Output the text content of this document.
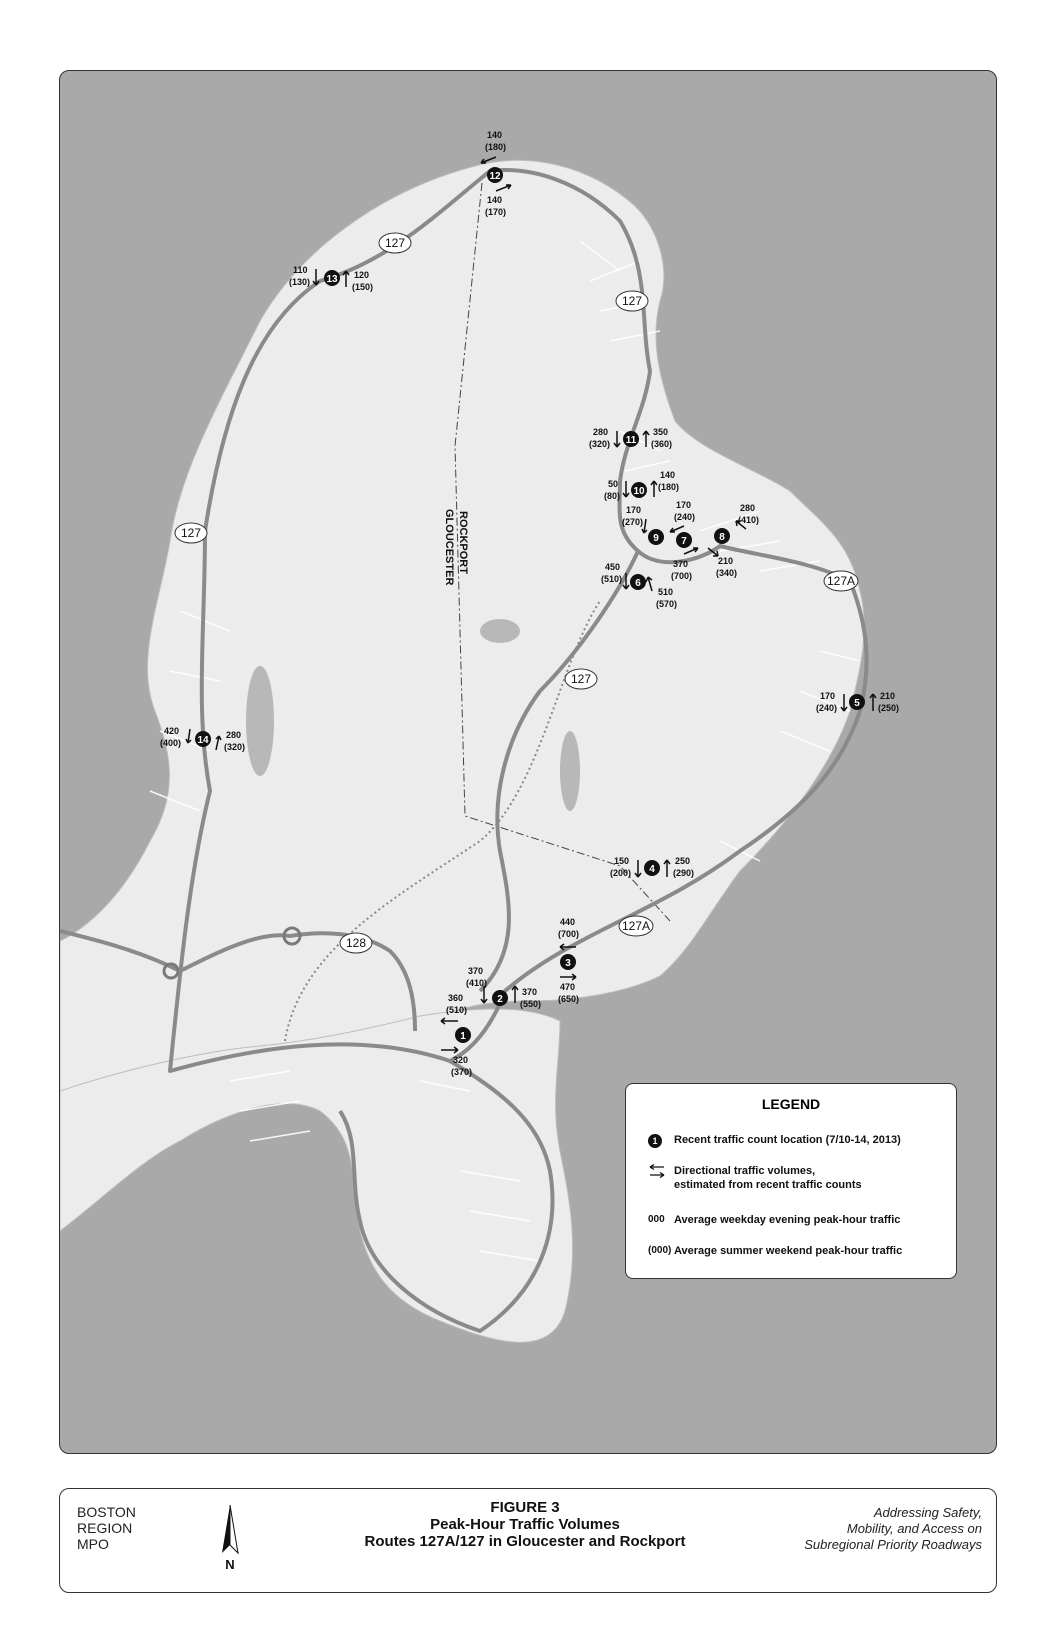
ROCKPORT
GLOUCESTER
127
127
127
127
127A
127A
128
1
360
(510)
320
(370)
2
370
(410)
370
(550)
3
440
(700)
470
(650)
4
150
(200)
250
(290)
5
170
(240)
210
(250)
6
450
(510)
510
(570)
7
170
(240)
370
(700)
8
280
(410)
210
(340)
9
170
(270)
10
50
(80)
140
(180)
11
280
(320)
350
(360)
12
140
(180)
140
(170)
13
110
(130)
120
(150)
14
420
(400)
280
(320)
LEGEND
1	Recent traffic count location (7/10-14, 2013)
Directional traffic volumes,
estimated from recent traffic counts
000 Average weekday evening peak-hour traffic
(000) Average summer weekend peak-hour traffic
BOSTON
REGION
MPO
N
FIGURE 3
Peak-Hour Traffic Volumes
Routes 127A/127 in Gloucester and Rockport
Addressing Safety,
Mobility, and Access on
Subregional Priority Roadways
